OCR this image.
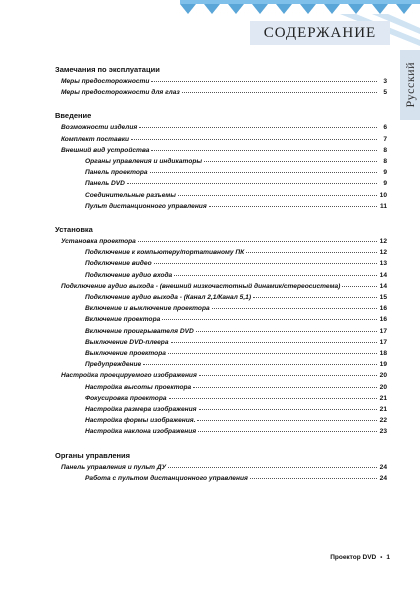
СОДЕРЖАНИЕ
Русский
Замечания по эксплуатации
Меры предосторожности	3
Меры предосторожности для глаз	5
Введение
Возможности изделия	6
Комплект поставки	7
Внешний вид устройства	8
Органы управления и индикаторы	8
Панель проектора	9
Панель DVD	9
Соединительные разъемы	10
Пульт дистанционного управления	11
Установка
Установка проектора	12
Подключение к компьютеру/портативному ПК	12
Подключение видео	13
Подключение аудио входа	14
Подключение аудио выхода - (внешний низкочастотный динамик/стереосистема)	14
Подключение аудио выхода - (Канал 2,1/Канал 5,1)	15
Включение и выключение проектора	16
Включение проектора	16
Включение проигрывателя DVD	17
Выключение DVD-плеера	17
Выключение проектора	18
Предупреждение	19
Настройка проецируемого изображения	20
Настройка высоты проектора	20
Фокусировка проектора	21
Настройка размера изображения	21
Настройка формы изображения.	22
Настройка наклона изображения	23
Органы управления
Панель управления и пульт ДУ	24
Работа с пультом дистанционного управления	24
Проектор DVD • 1
